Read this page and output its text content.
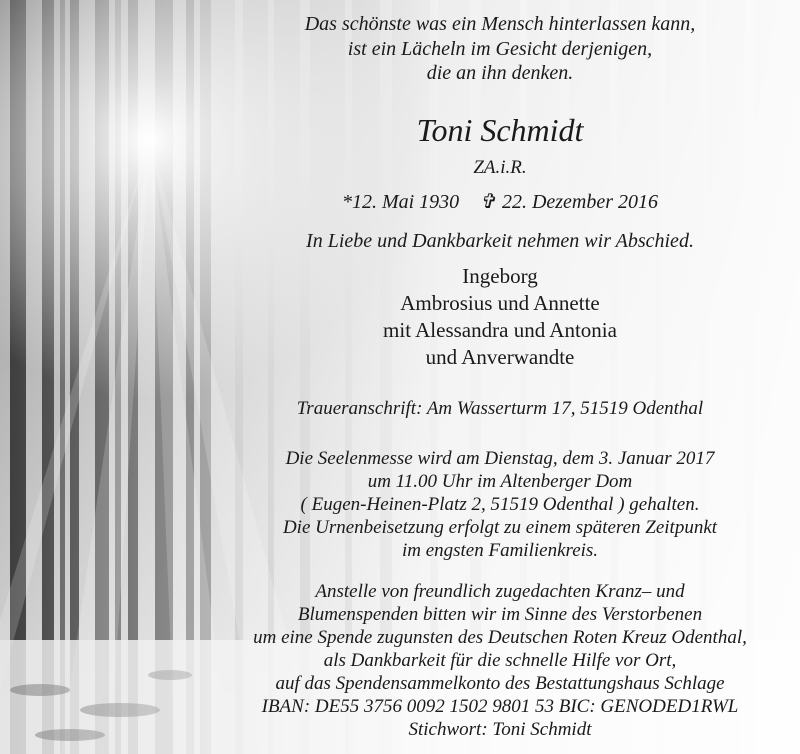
Das schönste was ein Mensch hinterlassen kann,
ist ein Lächeln im Gesicht derjenigen,
die an ihn denken.
Toni Schmidt
ZA.i.R.
*12. Mai 1930 ✞ 22. Dezember 2016
In Liebe und Dankbarkeit nehmen wir Abschied.
Ingeborg
Ambrosius und Annette
mit Alessandra und Antonia
und Anverwandte
Traueranschrift: Am Wasserturm 17, 51519 Odenthal
Die Seelenmesse wird am Dienstag, dem 3. Januar 2017
um 11.00 Uhr im Altenberger Dom
( Eugen-Heinen-Platz 2, 51519 Odenthal ) gehalten.
Die Urnenbeisetzung erfolgt zu einem späteren Zeitpunkt
im engsten Familienkreis.
Anstelle von freundlich zugedachten Kranz– und
Blumenspenden bitten wir im Sinne des Verstorbenen
um eine Spende zugunsten des Deutschen Roten Kreuz Odenthal,
als Dankbarkeit für die schnelle Hilfe vor Ort,
auf das Spendensammelkonto des Bestattungshaus Schlage
IBAN: DE55 3756 0092 1502 9801 53 BIC: GENODED1RWL
Stichwort: Toni Schmidt
